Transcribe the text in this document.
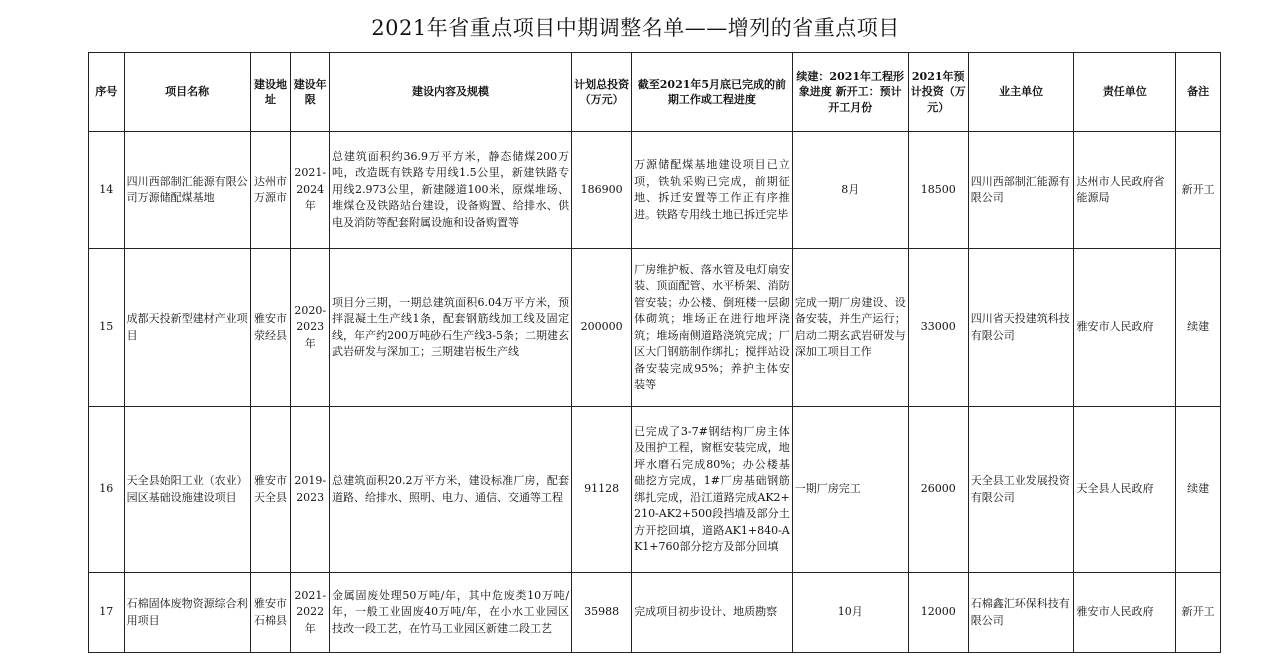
2021年省重点项目中期调整名单——增列的省重点项目
序号	项目名称	建设地址	建设年限	建设内容及规模	计划总投资（万元）	截至2021年5月底已完成的前期工作或工程进度	续建：2021年工程形象进度 新开工：预计开工月份	2021年预计投资（万元）	业主单位	责任单位	备注
14	四川西部制汇能源有限公司万源储配煤基地	达州市万源市	2021-2024年	总建筑面积约36.9万平方米，静态储煤200万吨，改造既有铁路专用线1.5公里，新建铁路专用线2.973公里，新建隧道100米，原煤堆场、堆煤仓及铁路站台建设，设备购置、给排水、供电及消防等配套附属设施和设备购置等	186900	万源储配煤基地建设项目已立项，铁轨采购已完成，前期征地、拆迁安置等工作正有序推进。铁路专用线土地已拆迁完毕	8月	18500	四川西部制汇能源有限公司	达州市人民政府省能源局	新开工
15	成都天投新型建材产业项目	雅安市荥经县	2020-2023年	项目分三期，一期总建筑面积6.04万平方米，预拌混凝土生产线1条，配套钢筋线加工线及固定线，年产约200万吨砂石生产线3-5条；二期建玄武岩研发与深加工；三期建岩板生产线	200000	厂房维护板、落水管及电灯扇安装、顶面配管、水平桥架、消防管安装；办公楼、倒班楼一层砌体砌筑；堆场正在进行地坪浇筑；堆场南侧道路浇筑完成；厂区大门钢筋制作绑扎；搅拌站设备安装完成95%；养护主体安装等	完成一期厂房建设、设备安装，并生产运行；启动二期玄武岩研发与深加工项目工作	33000	四川省天投建筑科技有限公司	雅安市人民政府	续建
16	天全县始阳工业（农业）园区基础设施建设项目	雅安市天全县	2019-2023	总建筑面积20.2万平方米，建设标准厂房，配套道路、给排水、照明、电力、通信、交通等工程	91128	已完成了3-7#钢结构厂房主体及围护工程，窗框安装完成，地坪水磨石完成80%；办公楼基础挖方完成，1#厂房基础钢筋绑扎完成，沿江道路完成AK2+210-AK2+500段挡墙及部分土方开挖回填，道路AK1+840-AK1+760部分挖方及部分回填	一期厂房完工	26000	天全县工业发展投资有限公司	天全县人民政府	续建
17	石棉固体废物资源综合利用项目	雅安市石棉县	2021-2022年	金属固废处理50万吨/年，其中危废类10万吨/年，一般工业固废40万吨/年，在小水工业园区技改一段工艺，在竹马工业园区新建二段工艺	35988	完成项目初步设计、地质勘察	10月	12000	石棉鑫汇环保科技有限公司	雅安市人民政府	新开工
